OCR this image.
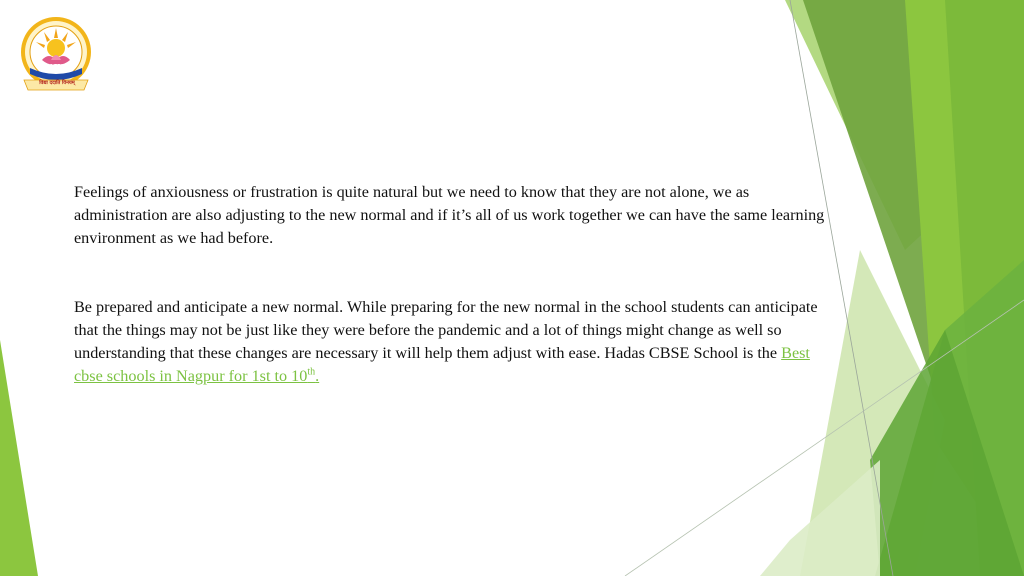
NAGPUR
विद्या ददाति विनयम्
Feelings of anxiousness or frustration is quite natural but we need to know that they are not alone, we as administration are also adjusting to the new normal and if it’s all of us work together we can have the same learning environment as we had before.
Be prepared and anticipate a new normal. While preparing for the new normal in the school students can anticipate that the things may not be just like they were before the pandemic and a lot of things might change as well so understanding that these changes are necessary it will help them adjust with ease. Hadas CBSE School is the Best cbse schools in Nagpur for 1st to 10th.
